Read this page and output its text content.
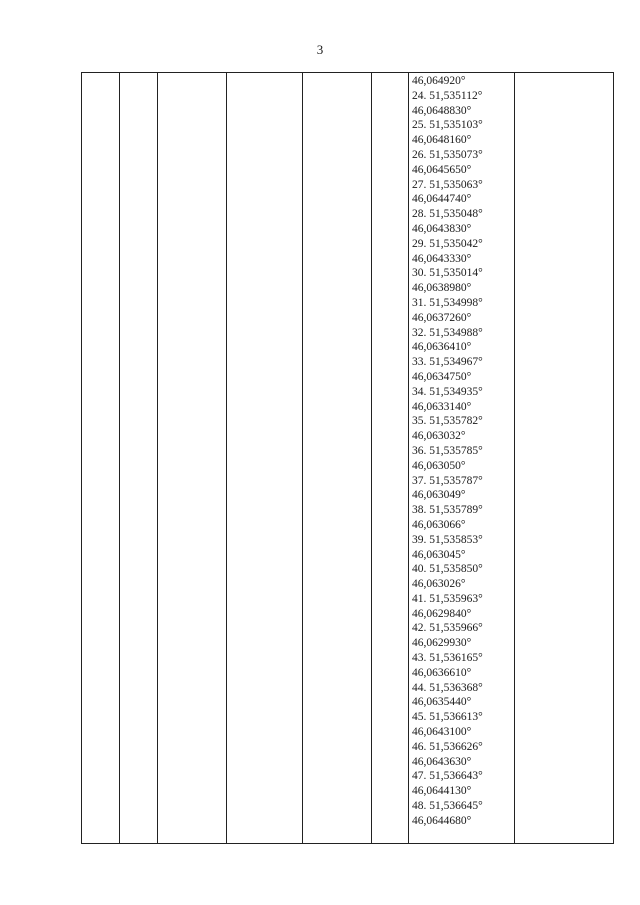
3

46,064920°
24. 51,535112°
46,0648830°
25. 51,535103°
46,0648160°
26. 51,535073°
46,0645650°
27. 51,535063°
46,0644740°
28. 51,535048°
46,0643830°
29. 51,535042°
46,0643330°
30. 51,535014°
46,0638980°
31. 51,534998°
46,0637260°
32. 51,534988°
46,0636410°
33. 51,534967°
46,0634750°
34. 51,534935°
46,0633140°
35. 51,535782°
46,063032°
36. 51,535785°
46,063050°
37. 51,535787°
46,063049°
38. 51,535789°
46,063066°
39. 51,535853°
46,063045°
40. 51,535850°
46,063026°
41. 51,535963°
46,0629840°
42. 51,535966°
46,0629930°
43. 51,536165°
46,0636610°
44. 51,536368°
46,0635440°
45. 51,536613°
46,0643100°
46. 51,536626°
46,0643630°
47. 51,536643°
46,0644130°
48. 51,536645°
46,0644680°
